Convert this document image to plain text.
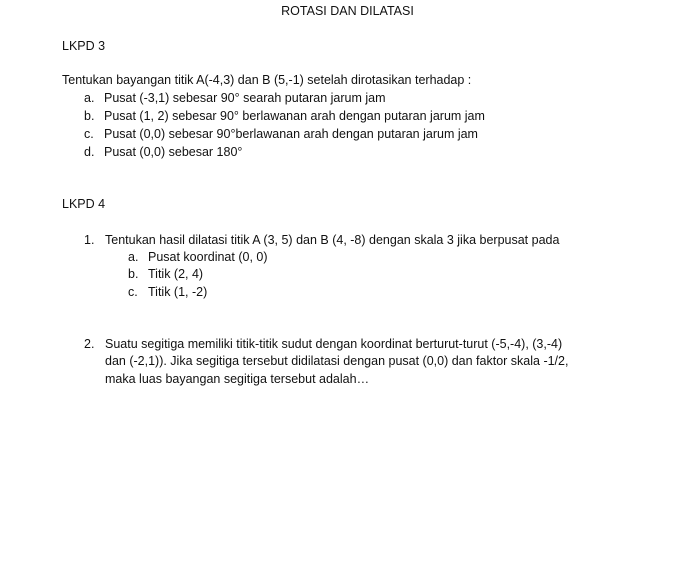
ROTASI DAN DILATASI
LKPD 3
Tentukan bayangan titik A(-4,3) dan B (5,-1) setelah dirotasikan terhadap :
a. Pusat (-3,1) sebesar 90° searah putaran jarum jam
b. Pusat (1, 2) sebesar 90° berlawanan arah dengan putaran jarum jam
c. Pusat (0,0) sebesar 90°berlawanan arah dengan putaran jarum jam
d. Pusat (0,0) sebesar 180°
LKPD 4
1. Tentukan hasil dilatasi titik A (3, 5) dan B (4, -8) dengan skala 3 jika berpusat pada
a. Pusat koordinat (0, 0)
b. Titik (2, 4)
c. Titik (1, -2)
2. Suatu segitiga memiliki titik-titik sudut dengan koordinat berturut-turut (-5,-4), (3,-4)
dan (-2,1)). Jika segitiga tersebut didilatasi dengan pusat (0,0) dan faktor skala -1/2,
maka luas bayangan segitiga tersebut adalah…
